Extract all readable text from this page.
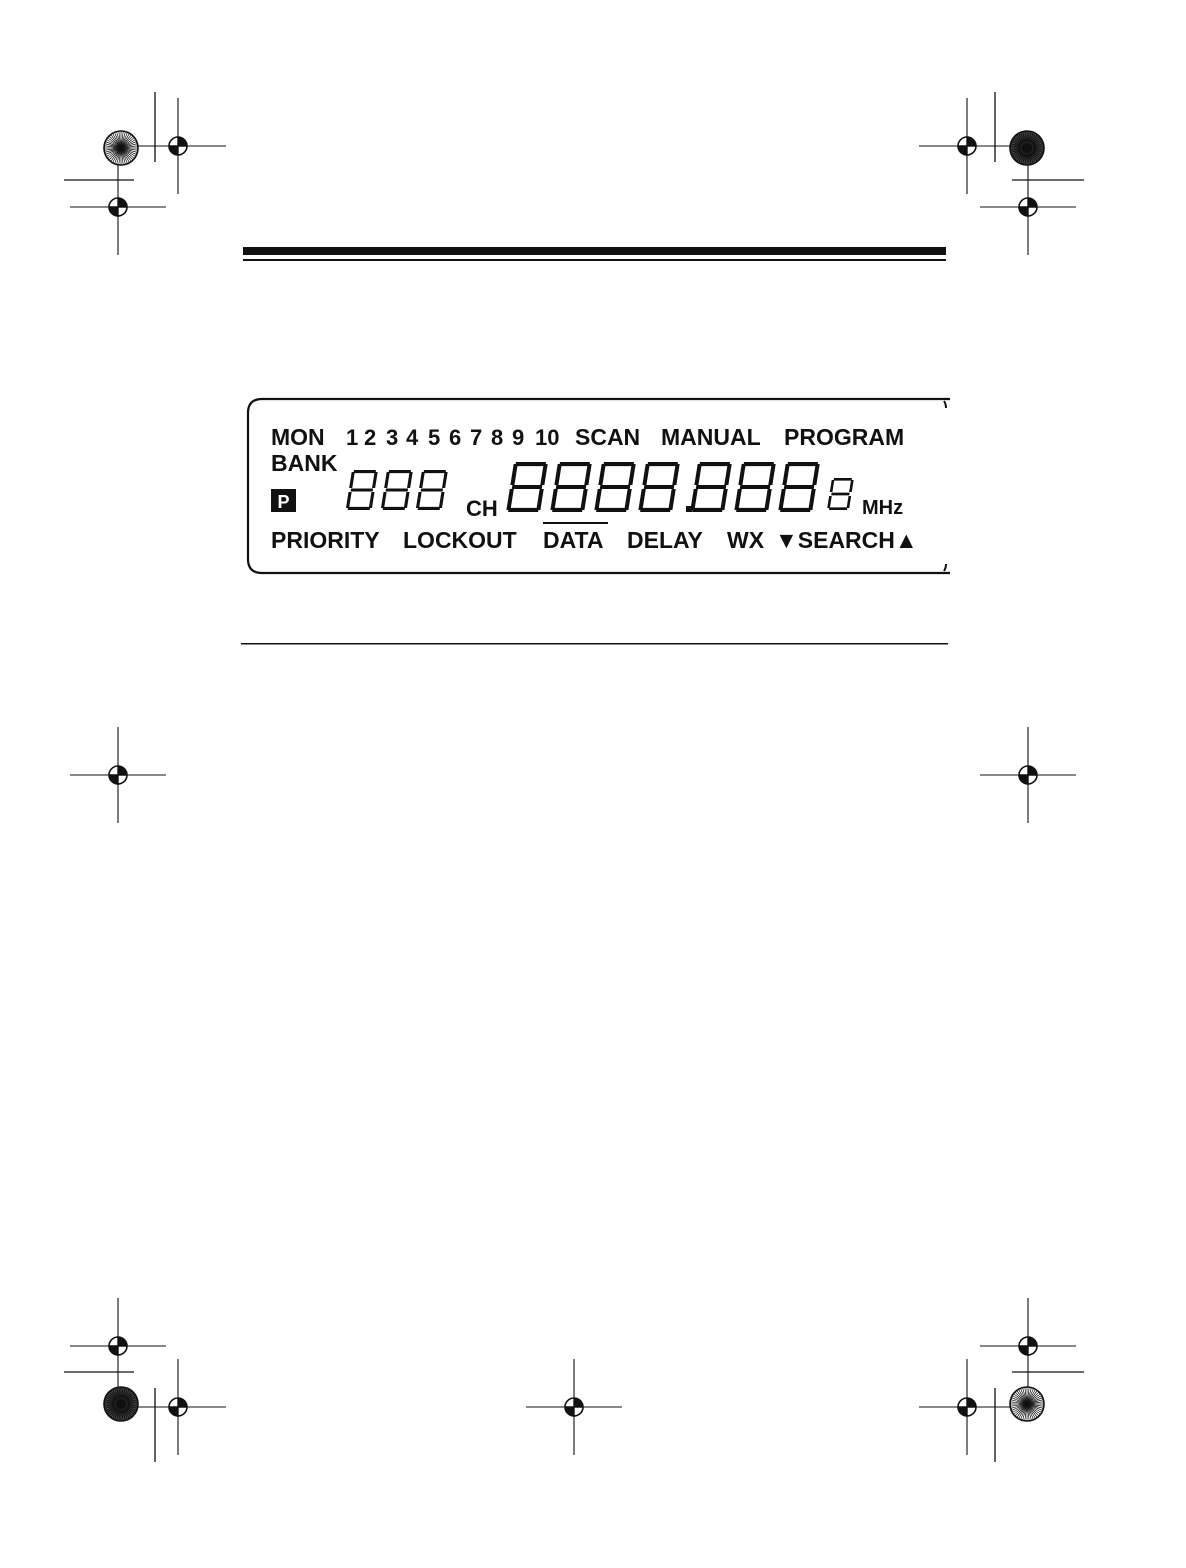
MON 1 2 3 4 5 6 7 8 9 10 SCAN MANUAL PROGRAM
BANK
P	CH	MHz
PRIORITY LOCKOUT DATA DELAY WX ▼SEARCH▲
